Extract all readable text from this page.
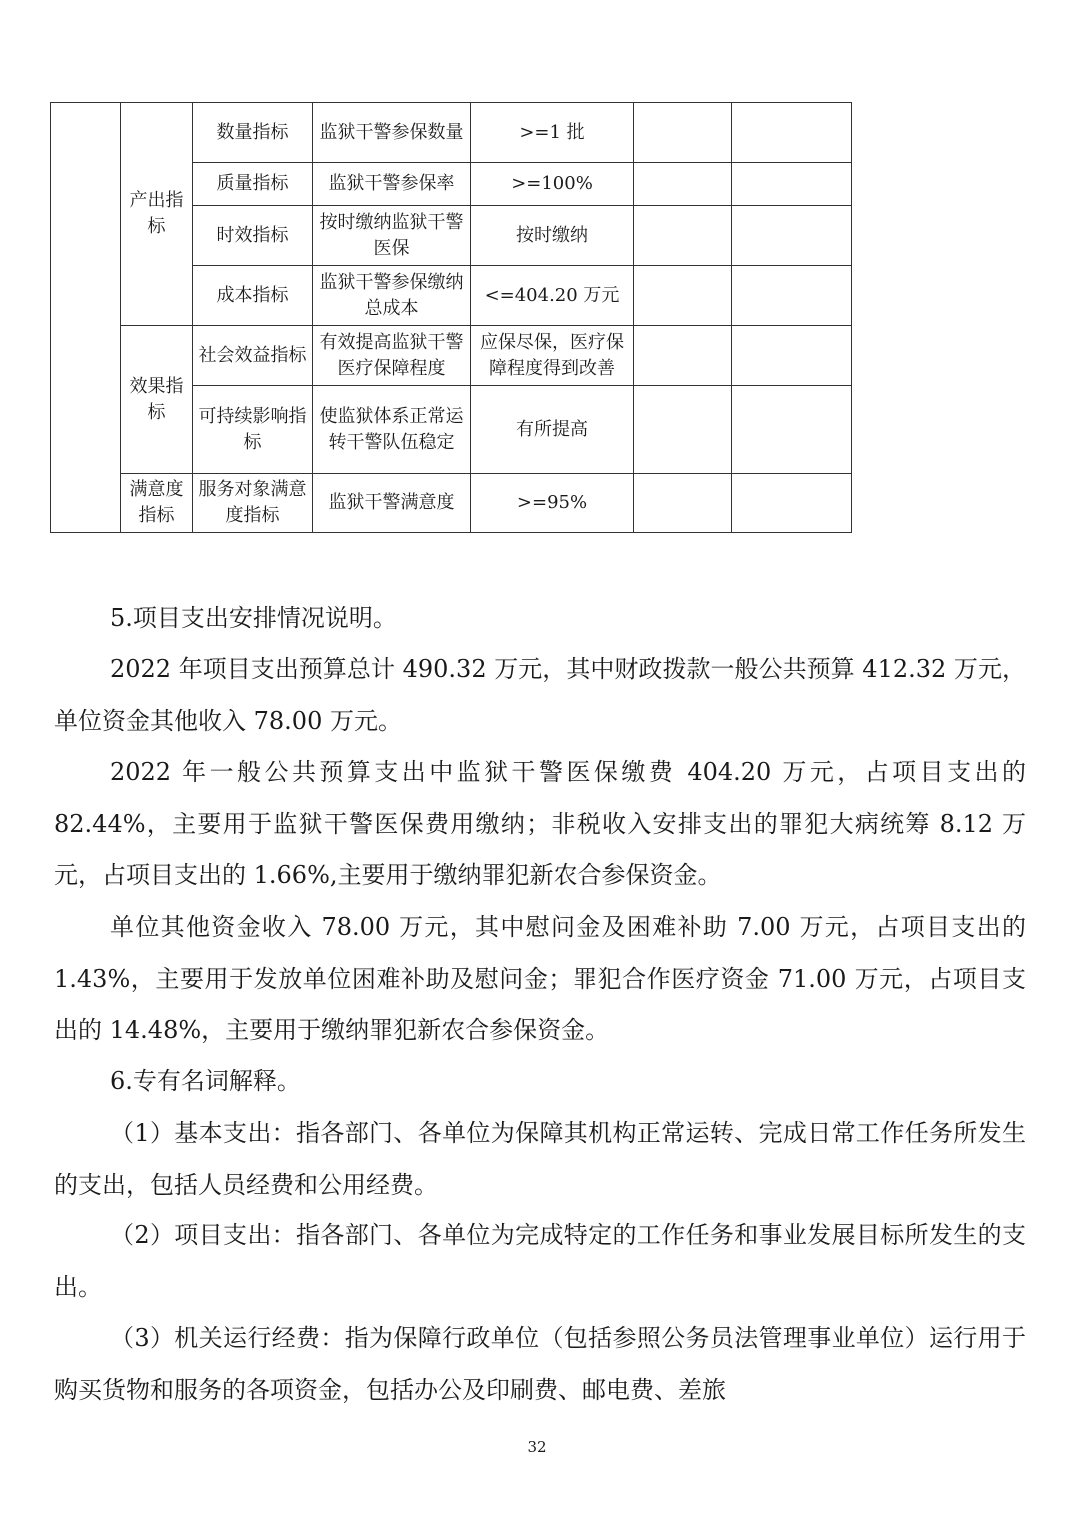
	产出指标	数量指标	监狱干警参保数量	>=1 批		
		质量指标	监狱干警参保率	>=100%		
		时效指标	按时缴纳监狱干警医保	按时缴纳		
		成本指标	监狱干警参保缴纳总成本	<=404.20 万元		
	效果指标	社会效益指标	有效提高监狱干警医疗保障程度	应保尽保，医疗保障程度得到改善		
		可持续影响指标	使监狱体系正常运转干警队伍稳定	有所提高		
	满意度指标	服务对象满意度指标	监狱干警满意度	>=95%		

5.项目支出安排情况说明。

2022 年项目支出预算总计 490.32 万元，其中财政拨款一般公共预算 412.32 万元，单位资金其他收入 78.00 万元。

2022 年一般公共预算支出中监狱干警医保缴费 404.20 万元，占项目支出的 82.44%，主要用于监狱干警医保费用缴纳；非税收入安排支出的罪犯大病统筹 8.12 万元，占项目支出的 1.66%,主要用于缴纳罪犯新农合参保资金。

单位其他资金收入 78.00 万元，其中慰问金及困难补助 7.00 万元，占项目支出的 1.43%，主要用于发放单位困难补助及慰问金；罪犯合作医疗资金 71.00 万元，占项目支出的 14.48%，主要用于缴纳罪犯新农合参保资金。

6.专有名词解释。

（1）基本支出：指各部门、各单位为保障其机构正常运转、完成日常工作任务所发生的支出，包括人员经费和公用经费。

（2）项目支出：指各部门、各单位为完成特定的工作任务和事业发展目标所发生的支出。

（3）机关运行经费：指为保障行政单位（包括参照公务员法管理事业单位）运行用于购买货物和服务的各项资金，包括办公及印刷费、邮电费、差旅

32
